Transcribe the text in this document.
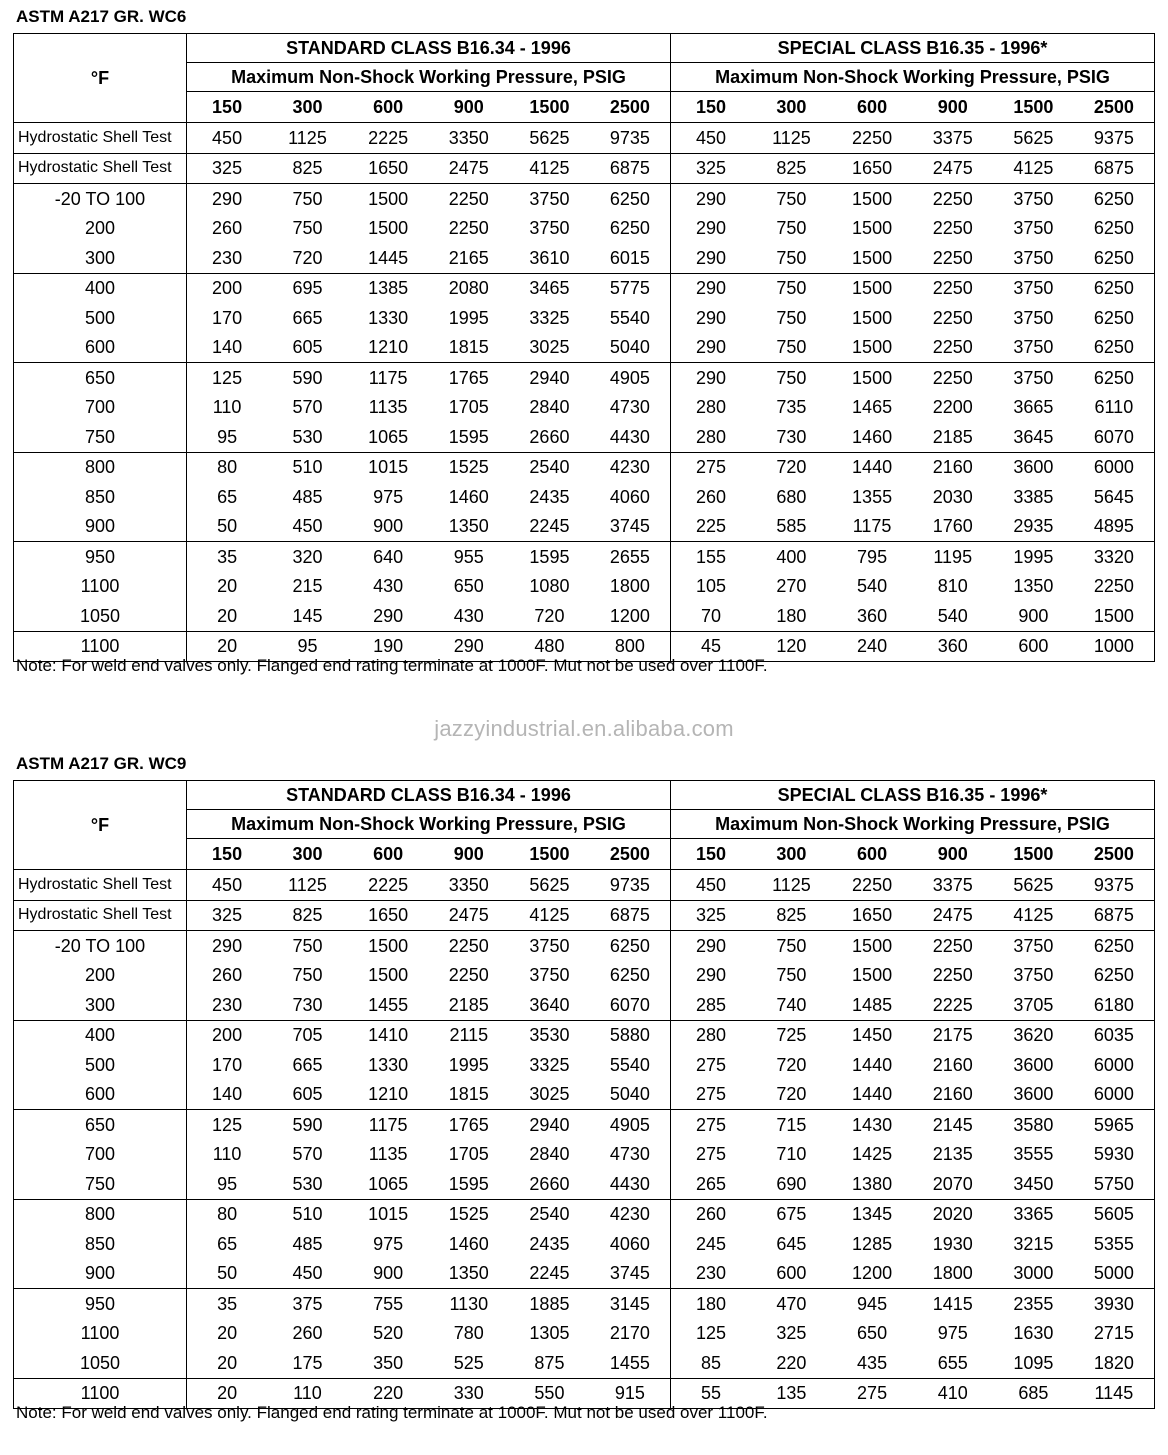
ASTM A217 GR. WC6
°F	STANDARD CLASS B16.34 - 1996						SPECIAL CLASS B16.35 - 1996*					
	Maximum Non-Shock Working Pressure, PSIG						Maximum Non-Shock Working Pressure, PSIG					
	150	300	600	900	1500	2500	150	300	600	900	1500	2500
Hydrostatic Shell Test	450	1125	2225	3350	5625	9735	450	1125	2250	3375	5625	9375
Hydrostatic Shell Test	325	825	1650	2475	4125	6875	325	825	1650	2475	4125	6875
-20 TO 100	290	750	1500	2250	3750	6250	290	750	1500	2250	3750	6250
200	260	750	1500	2250	3750	6250	290	750	1500	2250	3750	6250
300	230	720	1445	2165	3610	6015	290	750	1500	2250	3750	6250
400	200	695	1385	2080	3465	5775	290	750	1500	2250	3750	6250
500	170	665	1330	1995	3325	5540	290	750	1500	2250	3750	6250
600	140	605	1210	1815	3025	5040	290	750	1500	2250	3750	6250
650	125	590	1175	1765	2940	4905	290	750	1500	2250	3750	6250
700	110	570	1135	1705	2840	4730	280	735	1465	2200	3665	6110
750	95	530	1065	1595	2660	4430	280	730	1460	2185	3645	6070
800	80	510	1015	1525	2540	4230	275	720	1440	2160	3600	6000
850	65	485	975	1460	2435	4060	260	680	1355	2030	3385	5645
900	50	450	900	1350	2245	3745	225	585	1175	1760	2935	4895
950	35	320	640	955	1595	2655	155	400	795	1195	1995	3320
1100	20	215	430	650	1080	1800	105	270	540	810	1350	2250
1050	20	145	290	430	720	1200	70	180	360	540	900	1500
1100	20	95	190	290	480	800	45	120	240	360	600	1000
Note: For weld end valves only. Flanged end rating terminate at 1000F. Mut not be used over 1100F.
jazzyindustrial.en.alibaba.com
ASTM A217 GR. WC9
°F	STANDARD CLASS B16.34 - 1996						SPECIAL CLASS B16.35 - 1996*					
	Maximum Non-Shock Working Pressure, PSIG						Maximum Non-Shock Working Pressure, PSIG					
	150	300	600	900	1500	2500	150	300	600	900	1500	2500
Hydrostatic Shell Test	450	1125	2225	3350	5625	9735	450	1125	2250	3375	5625	9375
Hydrostatic Shell Test	325	825	1650	2475	4125	6875	325	825	1650	2475	4125	6875
-20 TO 100	290	750	1500	2250	3750	6250	290	750	1500	2250	3750	6250
200	260	750	1500	2250	3750	6250	290	750	1500	2250	3750	6250
300	230	730	1455	2185	3640	6070	285	740	1485	2225	3705	6180
400	200	705	1410	2115	3530	5880	280	725	1450	2175	3620	6035
500	170	665	1330	1995	3325	5540	275	720	1440	2160	3600	6000
600	140	605	1210	1815	3025	5040	275	720	1440	2160	3600	6000
650	125	590	1175	1765	2940	4905	275	715	1430	2145	3580	5965
700	110	570	1135	1705	2840	4730	275	710	1425	2135	3555	5930
750	95	530	1065	1595	2660	4430	265	690	1380	2070	3450	5750
800	80	510	1015	1525	2540	4230	260	675	1345	2020	3365	5605
850	65	485	975	1460	2435	4060	245	645	1285	1930	3215	5355
900	50	450	900	1350	2245	3745	230	600	1200	1800	3000	5000
950	35	375	755	1130	1885	3145	180	470	945	1415	2355	3930
1100	20	260	520	780	1305	2170	125	325	650	975	1630	2715
1050	20	175	350	525	875	1455	85	220	435	655	1095	1820
1100	20	110	220	330	550	915	55	135	275	410	685	1145
Note: For weld end valves only. Flanged end rating terminate at 1000F. Mut not be used over 1100F.
